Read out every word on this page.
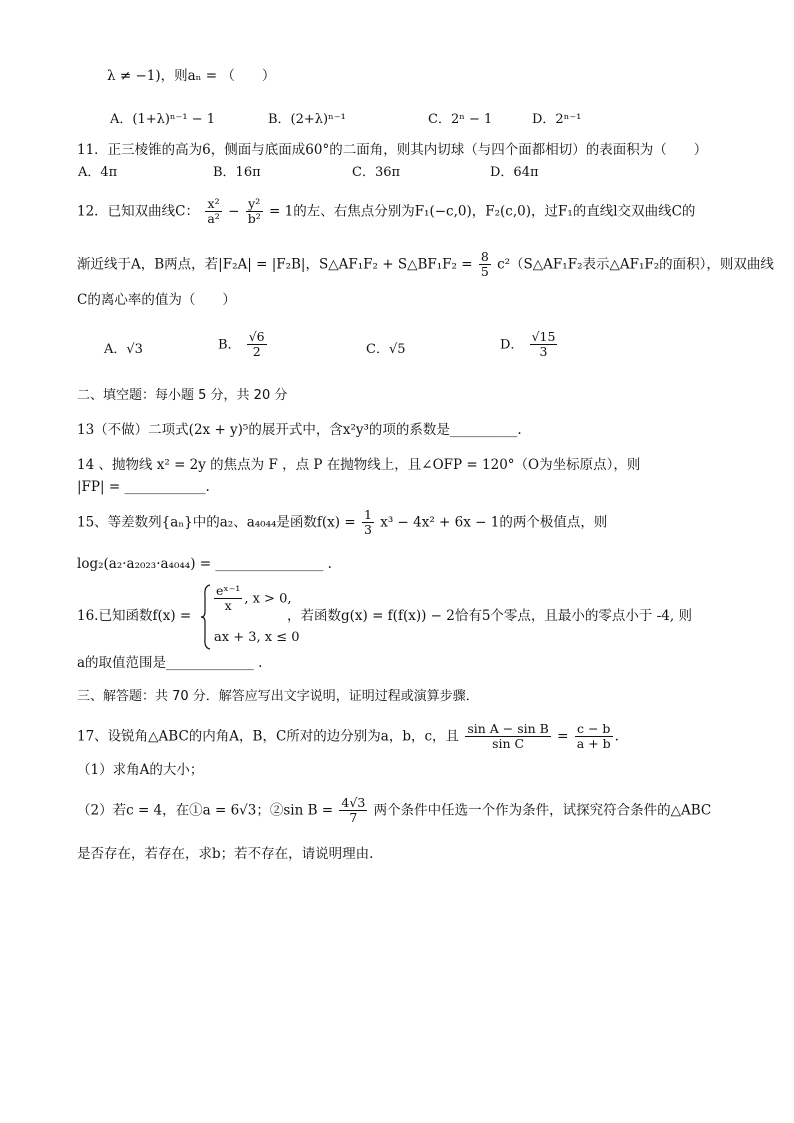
λ ≠ −1)，则aₙ = （　　）
A．(1+λ)ⁿ⁻¹ − 1	B．(2+λ)ⁿ⁻¹	C．2ⁿ − 1	D．2ⁿ⁻¹
11．正三棱锥的高为6，侧面与底面成60°的二面角，则其内切球（与四个面都相切）的表面积为（　　）
A．4π	B．16π	C．36π	D．64π
12．已知双曲线C： $\frac{\text{x²}}{\text{a²}} - \frac{\text{y²}}{\text{b²}} = 1$的左、右焦点分别为F₁(−c,0)，F₂(c,0)，过F₁的直线l交双曲线C的
渐近线于A，B两点，若|F₂A| = |F₂B|，S△AF₁F₂ + S△BF₁F₂ = $\frac{8}{5}$ c²（S△AF₁F₂表示△AF₁F₂的面积），则双曲线
C的离心率的值为（　　）
A．√3	B． $\frac{√6}{2}$	C．√5	D． $\frac{√15}{3}$
二、填空题：每小题 5 分，共 20 分
13（不做）二项式(2x + y)⁵的展开式中，含x²y³的项的系数是__________.
14 、抛物线 x² = 2y 的焦点为 F ，点 P 在抛物线上，且∠OFP = 120°（O为坐标原点），则
|FP| = ____________.
15、等差数列{aₙ}中的a₂、a₄₀₄₄是函数$f(x) = \frac{1}{3} x^3 - 4x^2 + 6x - 1$的两个极值点，则
log₂(a₂·a₂₀₂₃·a₄₀₄₄) = ________________ .
16.已知函数f(x) =
$\frac{\text{eˣ⁻¹}}{x}$ , x > 0,
ax + 3, x ≤ 0
，若函数g(x) = f(f(x)) − 2恰有5个零点，且最小的零点小于 -4, 则
a的取值范围是_____________ .
三、解答题：共 70 分．解答应写出文字说明，证明过程或演算步骤．
17、设锐角△ABC的内角A，B，C所对的边分别为a，b，c，且 $\frac{\text{sin A − sin B}}{\text{sin C}} = \frac{c - b}{a + b}$ .
（1）求角A的大小；
（2）若c = 4，在①a = 6√3；②sin $B = \frac{4√3}{7}$ 两个条件中任选一个作为条件，试探究符合条件的△ABC
是否存在，若存在，求b；若不存在，请说明理由.
